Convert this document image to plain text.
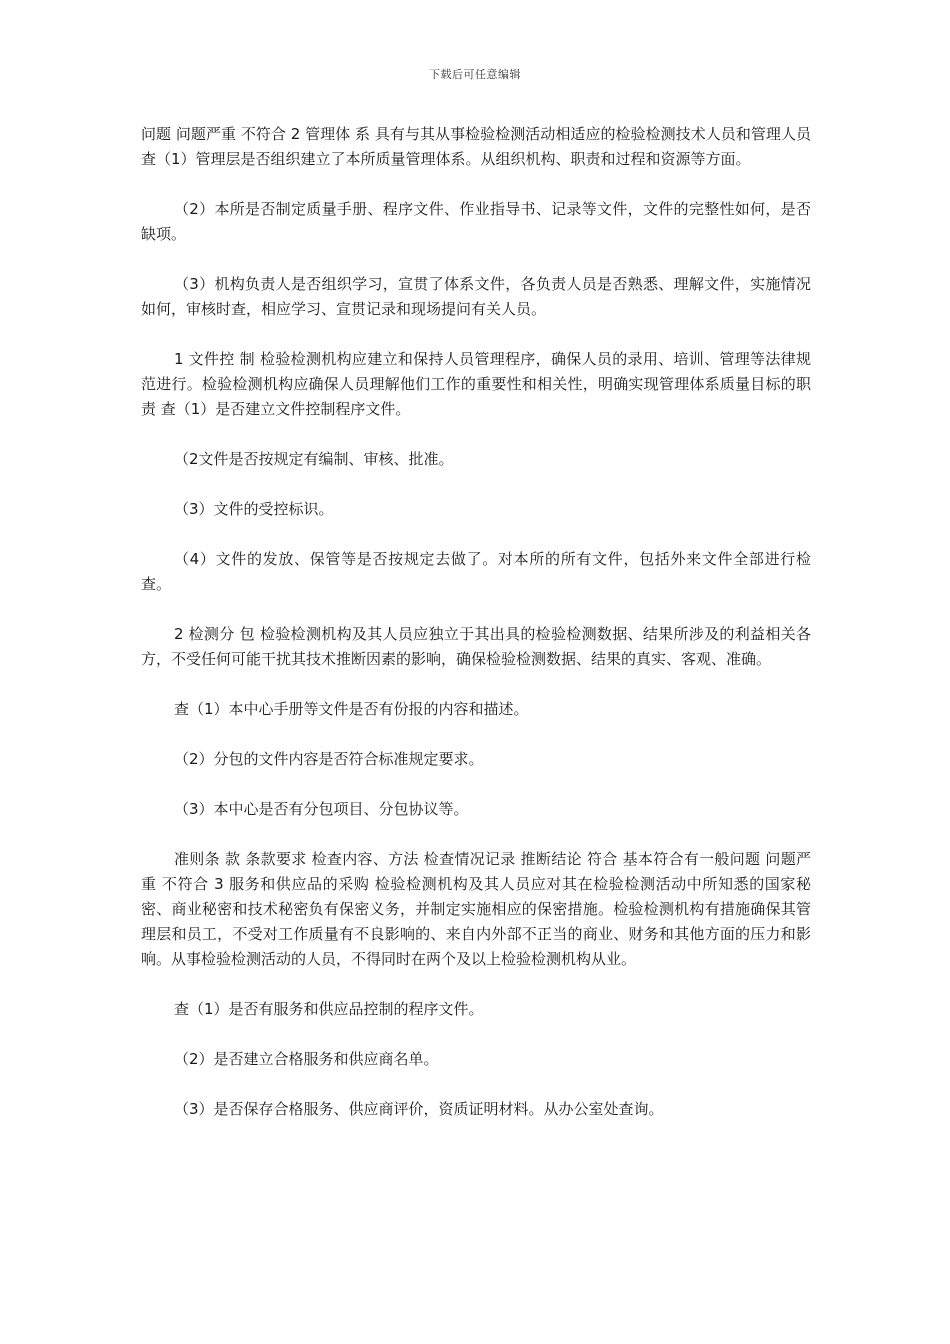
下载后可任意编辑

问题 问题严重 不符合 2 管理体 系 具有与其从事检验检测活动相适应的检验检测技术人员和管理人员 查（1）管理层是否组织建立了本所质量管理体系。从组织机构、职责和过程和资源等方面。

（2）本所是否制定质量手册、程序文件、作业指导书、记录等文件，文件的完整性如何，是否缺项。

（3）机构负责人是否组织学习，宣贯了体系文件，各负责人员是否熟悉、理解文件，实施情况如何，审核时查，相应学习、宣贯记录和现场提问有关人员。

1 文件控 制 检验检测机构应建立和保持人员管理程序，确保人员的录用、培训、管理等法律规范进行。检验检测机构应确保人员理解他们工作的重要性和相关性，明确实现管理体系质量目标的职责 查（1）是否建立文件控制程序文件。

（2文件是否按规定有编制、审核、批准。

（3）文件的受控标识。

（4）文件的发放、保管等是否按规定去做了。对本所的所有文件，包括外来文件全部进行检查。

2 检测分 包 检验检测机构及其人员应独立于其出具的检验检测数据、结果所涉及的利益相关各方，不受任何可能干扰其技术推断因素的影响，确保检验检测数据、结果的真实、客观、准确。

查（1）本中心手册等文件是否有份报的内容和描述。

（2）分包的文件内容是否符合标准规定要求。

（3）本中心是否有分包项目、分包协议等。

准则条 款 条款要求 检查内容、方法 检查情况记录 推断结论 符合 基本符合有一般问题 问题严重 不符合 3 服务和供应品的采购 检验检测机构及其人员应对其在检验检测活动中所知悉的国家秘密、商业秘密和技术秘密负有保密义务，并制定实施相应的保密措施。检验检测机构有措施确保其管理层和员工，不受对工作质量有不良影响的、来自内外部不正当的商业、财务和其他方面的压力和影响。从事检验检测活动的人员，不得同时在两个及以上检验检测机构从业。

查（1）是否有服务和供应品控制的程序文件。

（2）是否建立合格服务和供应商名单。

（3）是否保存合格服务、供应商评价，资质证明材料。从办公室处查询。
